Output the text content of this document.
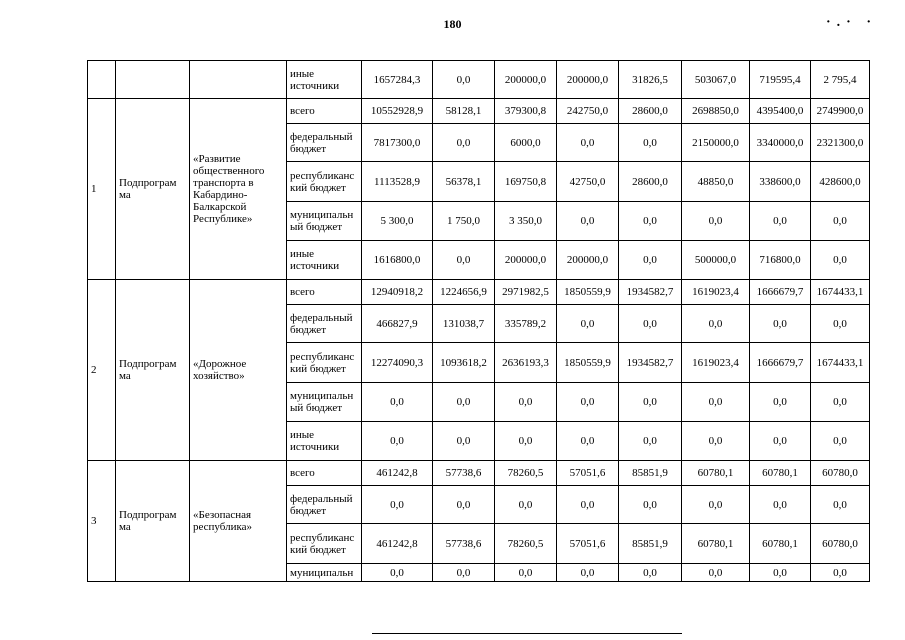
180	·.· ·
			иные источники	1657284,3	0,0	200000,0	200000,0	31826,5	503067,0	719595,4	2 795,4
1	Подпрограм ма	«Развитие общественного транспорта в Кабардино-Балкарской Республике»	всего	10552928,9	58128,1	379300,8	242750,0	28600,0	2698850,0	4395400,0	2749900,0
			федеральный бюджет	7817300,0	0,0	6000,0	0,0	0,0	2150000,0	3340000,0	2321300,0
			республиканс кий бюджет	1113528,9	56378,1	169750,8	42750,0	28600,0	48850,0	338600,0	428600,0
			муниципальн ый бюджет	5 300,0	1 750,0	3 350,0	0,0	0,0	0,0	0,0	0,0
			иные источники	1616800,0	0,0	200000,0	200000,0	0,0	500000,0	716800,0	0,0
2	Подпрограм ма	«Дорожное хозяйство»	всего	12940918,2	1224656,9	2971982,5	1850559,9	1934582,7	1619023,4	1666679,7	1674433,1
			федеральный бюджет	466827,9	131038,7	335789,2	0,0	0,0	0,0	0,0	0,0
			республиканс кий бюджет	12274090,3	1093618,2	2636193,3	1850559,9	1934582,7	1619023,4	1666679,7	1674433,1
			муниципальн ый бюджет	0,0	0,0	0,0	0,0	0,0	0,0	0,0	0,0
			иные источники	0,0	0,0	0,0	0,0	0,0	0,0	0,0	0,0
3	Подпрограм ма	«Безопасная республика»	всего	461242,8	57738,6	78260,5	57051,6	85851,9	60780,1	60780,1	60780,0
			федеральный бюджет	0,0	0,0	0,0	0,0	0,0	0,0	0,0	0,0
			республиканс кий бюджет	461242,8	57738,6	78260,5	57051,6	85851,9	60780,1	60780,1	60780,0
			муниципальн	0,0	0,0	0,0	0,0	0,0	0,0	0,0	0,0
